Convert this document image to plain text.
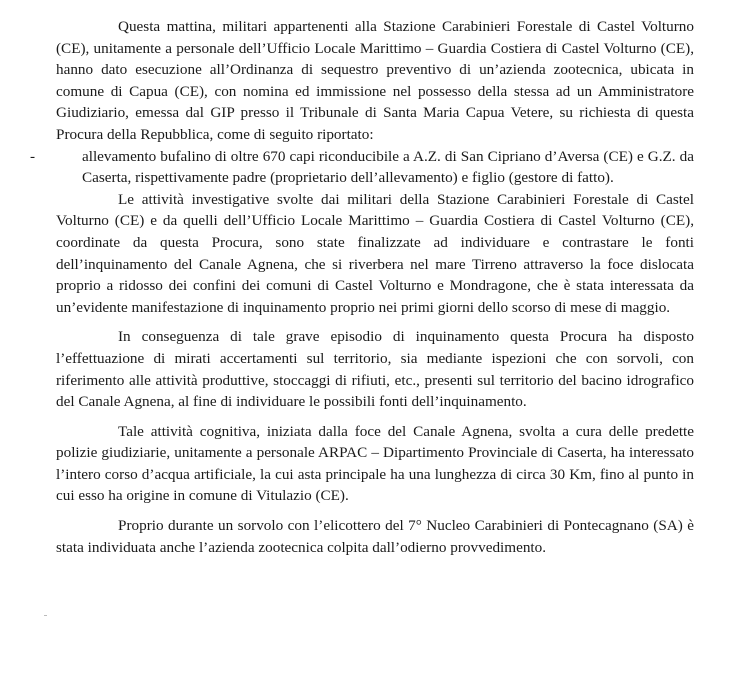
Questa mattina, militari appartenenti alla Stazione Carabinieri Forestale di Castel Volturno (CE), unitamente a personale dell’Ufficio Locale Marittimo – Guardia Costiera di Castel Volturno (CE), hanno dato esecuzione all’Ordinanza di sequestro preventivo di un’azienda zootecnica, ubicata in comune di Capua (CE), con nomina ed immissione nel possesso della stessa ad un Amministratore Giudiziario, emessa dal GIP presso il Tribunale di Santa Maria Capua Vetere, su richiesta di questa Procura della Repubblica, come di seguito riportato:

-	allevamento bufalino di oltre 670 capi riconducibile a A.Z. di San Cipriano d’Aversa (CE) e G.Z. da Caserta, rispettivamente padre (proprietario dell’allevamento) e figlio (gestore di fatto).

Le attività investigative svolte dai militari della Stazione Carabinieri Forestale di Castel Volturno (CE) e da quelli dell’Ufficio Locale Marittimo – Guardia Costiera di Castel Volturno (CE), coordinate da questa Procura, sono state finalizzate ad individuare e contrastare le fonti dell’inquinamento del Canale Agnena, che si riverbera nel mare Tirreno attraverso la foce dislocata proprio a ridosso dei confini dei comuni di Castel Volturno e Mondragone, che è stata interessata da un’evidente manifestazione di inquinamento proprio nei primi giorni dello scorso di mese di maggio.

In conseguenza di tale grave episodio di inquinamento questa Procura ha disposto l’effettuazione di mirati accertamenti sul territorio, sia mediante ispezioni che con sorvoli, con riferimento alle attività produttive, stoccaggi di rifiuti, etc., presenti sul territorio del bacino idrografico del Canale Agnena, al fine di individuare le possibili fonti dell’inquinamento.

Tale attività cognitiva, iniziata dalla foce del Canale Agnena, svolta a cura delle predette polizie giudiziarie, unitamente a personale ARPAC – Dipartimento Provinciale di Caserta, ha interessato l’intero corso d’acqua artificiale, la cui asta principale ha una lunghezza di circa 30 Km, fino al punto in cui esso ha origine in comune di Vitulazio (CE).

Proprio durante un sorvolo con l’elicottero del 7° Nucleo Carabinieri di Pontecagnano (SA) è stata individuata anche l’azienda zootecnica colpita dall’odierno provvedimento.
